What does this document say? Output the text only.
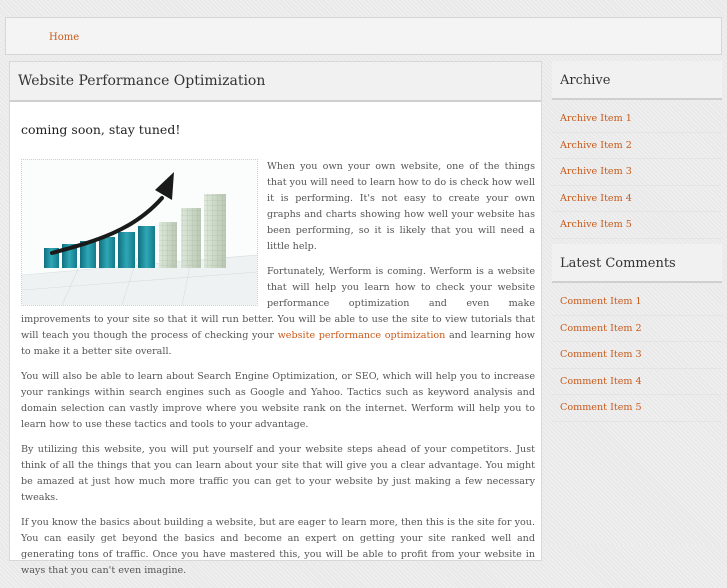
Home
Website Performance Optimization
coming soon, stay tuned!

When you own your own website, one of the things that you will need to learn how to do is check how well it is performing. It's not easy to create your own graphs and charts showing how well your website has been performing, so it is likely that you will need a little help.

Fortunately, Werform is coming. Werform is a website that will help you learn how to check your website performance optimization and even make improvements to your site so that it will run better. You will be able to use the site to view tutorials that will teach you though the process of checking your website performance optimization and learning how to make it a better site overall.

You will also be able to learn about Search Engine Optimization, or SEO, which will help you to increase your rankings within search engines such as Google and Yahoo. Tactics such as keyword analysis and domain selection can vastly improve where you website rank on the internet. Werform will help you to learn how to use these tactics and tools to your advantage.

By utilizing this website, you will put yourself and your website steps ahead of your competitors. Just think of all the things that you can learn about your site that will give you a clear advantage. You might be amazed at just how much more traffic you can get to your website by just making a few necessary tweaks.

If you know the basics about building a website, but are eager to learn more, then this is the site for you. You can easily get beyond the basics and become an expert on getting your site ranked well and generating tons of traffic. Once you have mastered this, you will be able to profit from your website in ways that you can't even imagine.

Archive
Archive Item 1
Archive Item 2
Archive Item 3
Archive Item 4
Archive Item 5
Latest Comments
Comment Item 1
Comment Item 2
Comment Item 3
Comment Item 4
Comment Item 5
